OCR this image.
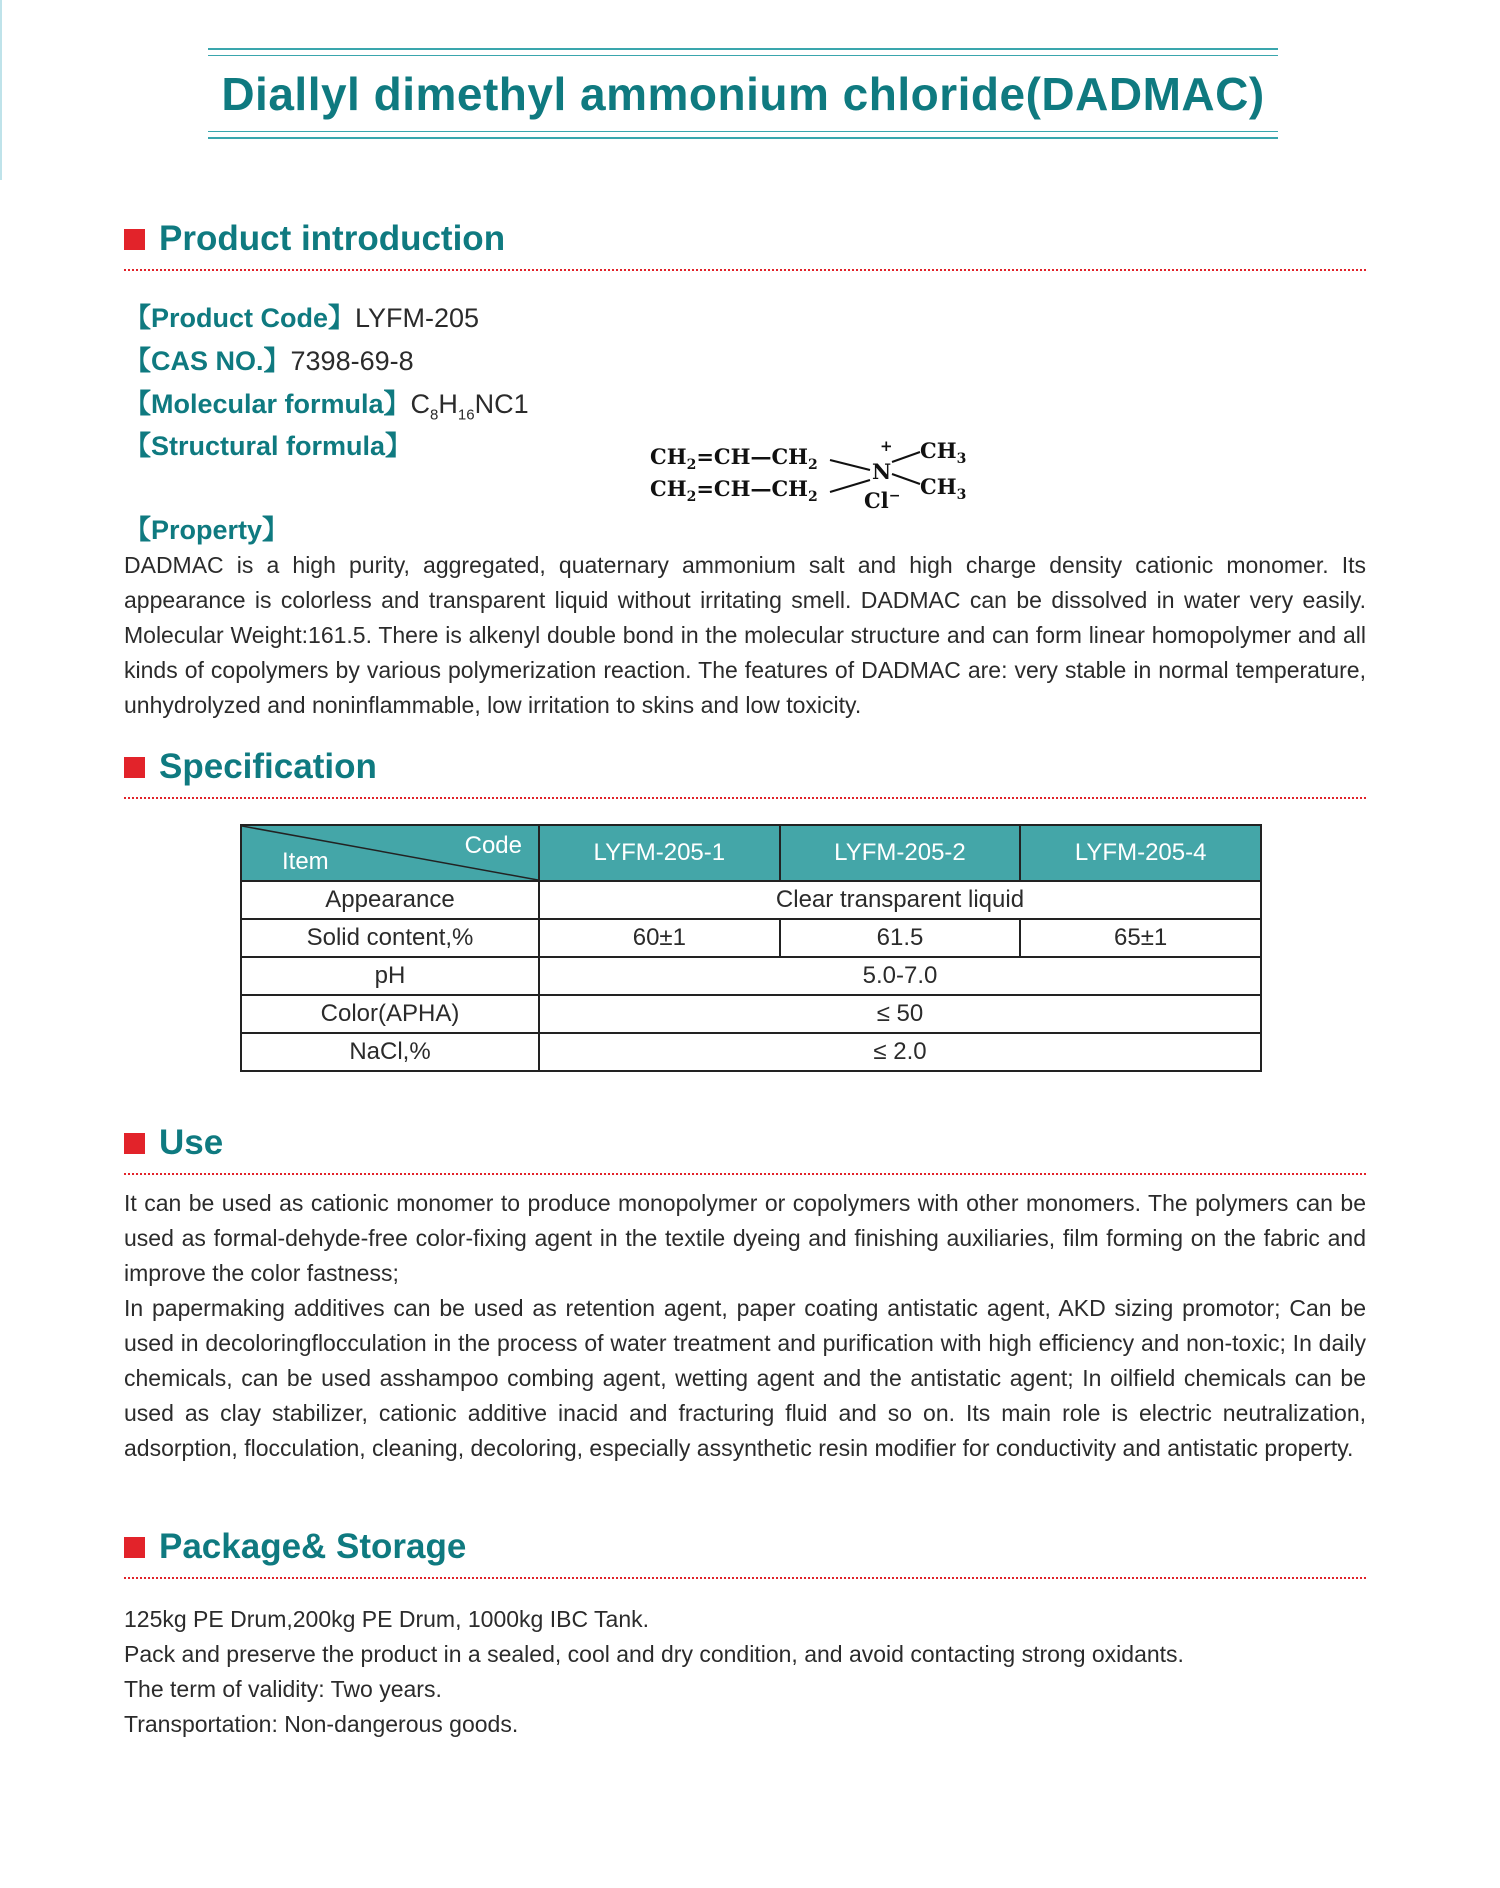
Diallyl dimethyl ammonium chloride(DADMAC)
Product introduction
【Product Code】LYFM-205
【CAS NO.】7398-69-8
【Molecular formula】$C_8H_{16}NC1$
【Structural formula】	$CH_2=CH—CH_2$
$CH_2=CH—CH_2$
N
+ $CH_3$
$CH_3$
Cl−
【Property】
DADMAC is a high purity, aggregated, quaternary ammonium salt and high charge density cationic monomer. Its appearance is colorless and transparent liquid without irritating smell. DADMAC can be dissolved in water very easily. Molecular Weight:161.5. There is alkenyl double bond in the molecular structure and can form linear homopolymer and all kinds of copolymers by various polymerization reaction. The features of DADMAC are: very stable in normal temperature, unhydrolyzed and noninflammable, low irritation to skins and low toxicity.
Specification
Item
Code	LYFM-205-1	LYFM-205-2	LYFM-205-4
Appearance	Clear transparent liquid		
Solid content,%	60±1	61.5	65±1
pH	5.0-7.0		
Color(APHA)	≤ 50		
NaCl,%	≤ 2.0		
Use
It can be used as cationic monomer to produce monopolymer or copolymers with other monomers. The polymers can be used as formal-dehyde-free color-fixing agent in the textile dyeing and finishing auxiliaries, film forming on the fabric and improve the color fastness;
In papermaking additives can be used as retention agent, paper coating antistatic agent, AKD sizing promotor; Can be used in decoloringflocculation in the process of water treatment and purification with high efficiency and non-toxic; In daily chemicals, can be used asshampoo combing agent, wetting agent and the antistatic agent; In oilfield chemicals can be used as clay stabilizer, cationic additive inacid and fracturing fluid and so on. Its main role is electric neutralization, adsorption, flocculation, cleaning, decoloring, especially assynthetic resin modifier for conductivity and antistatic property.
Package& Storage
125kg PE Drum,200kg PE Drum, 1000kg IBC Tank.
Pack and preserve the product in a sealed, cool and dry condition, and avoid contacting strong oxidants.
The term of validity: Two years.
Transportation: Non-dangerous goods.
